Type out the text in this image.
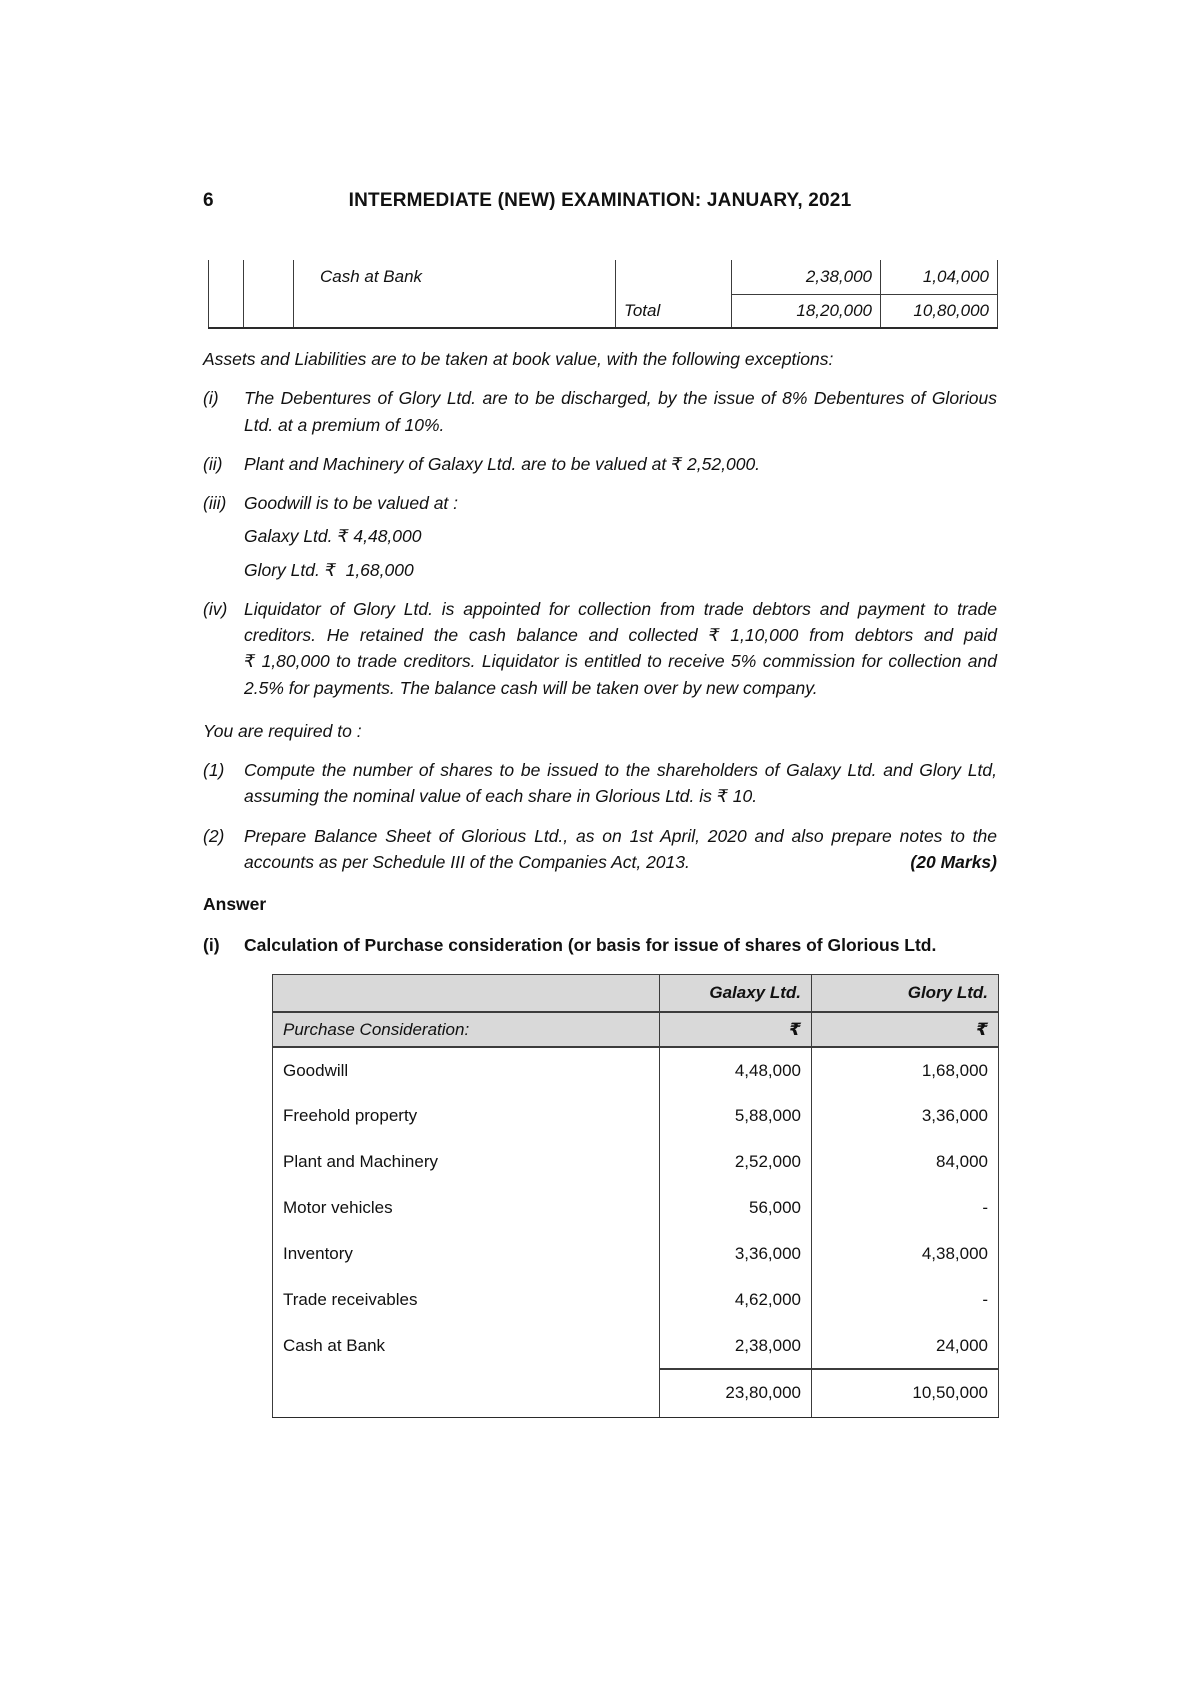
6	INTERMEDIATE (NEW) EXAMINATION: JANUARY, 2021
		Cash at Bank		2,38,000	1,04,000
			Total	18,20,000	10,80,000
Assets and Liabilities are to be taken at book value, with the following exceptions:
(i) The Debentures of Glory Ltd. are to be discharged, by the issue of 8% Debentures of Glorious Ltd. at a premium of 10%.
(ii) Plant and Machinery of Galaxy Ltd. are to be valued at ₹ 2,52,000.
(iii) Goodwill is to be valued at :
Galaxy Ltd. ₹ 4,48,000
Glory Ltd. ₹  1,68,000
(iv) Liquidator of Glory Ltd. is appointed for collection from trade debtors and payment to trade creditors. He retained the cash balance and collected ₹ 1,10,000 from debtors and paid ₹ 1,80,000 to trade creditors. Liquidator is entitled to receive 5% commission for collection and 2.5% for payments. The balance cash will be taken over by new company.
You are required to :
(1) Compute the number of shares to be issued to the shareholders of Galaxy Ltd. and Glory Ltd, assuming the nominal value of each share in Glorious Ltd. is ₹ 10.
(2) Prepare Balance Sheet of Glorious Ltd., as on 1st April, 2020 and also prepare notes to the accounts as per Schedule III of the Companies Act, 2013.	(20 Marks)
Answer
(i) Calculation of Purchase consideration (or basis for issue of shares of Glorious Ltd.
	Galaxy Ltd.	Glory Ltd.
Purchase Consideration:	₹	₹
Goodwill	4,48,000	1,68,000
Freehold property	5,88,000	3,36,000
Plant and Machinery	2,52,000	84,000
Motor vehicles	56,000	-
Inventory	3,36,000	4,38,000
Trade receivables	4,62,000	-
Cash at Bank	2,38,000	24,000
	23,80,000	10,50,000
